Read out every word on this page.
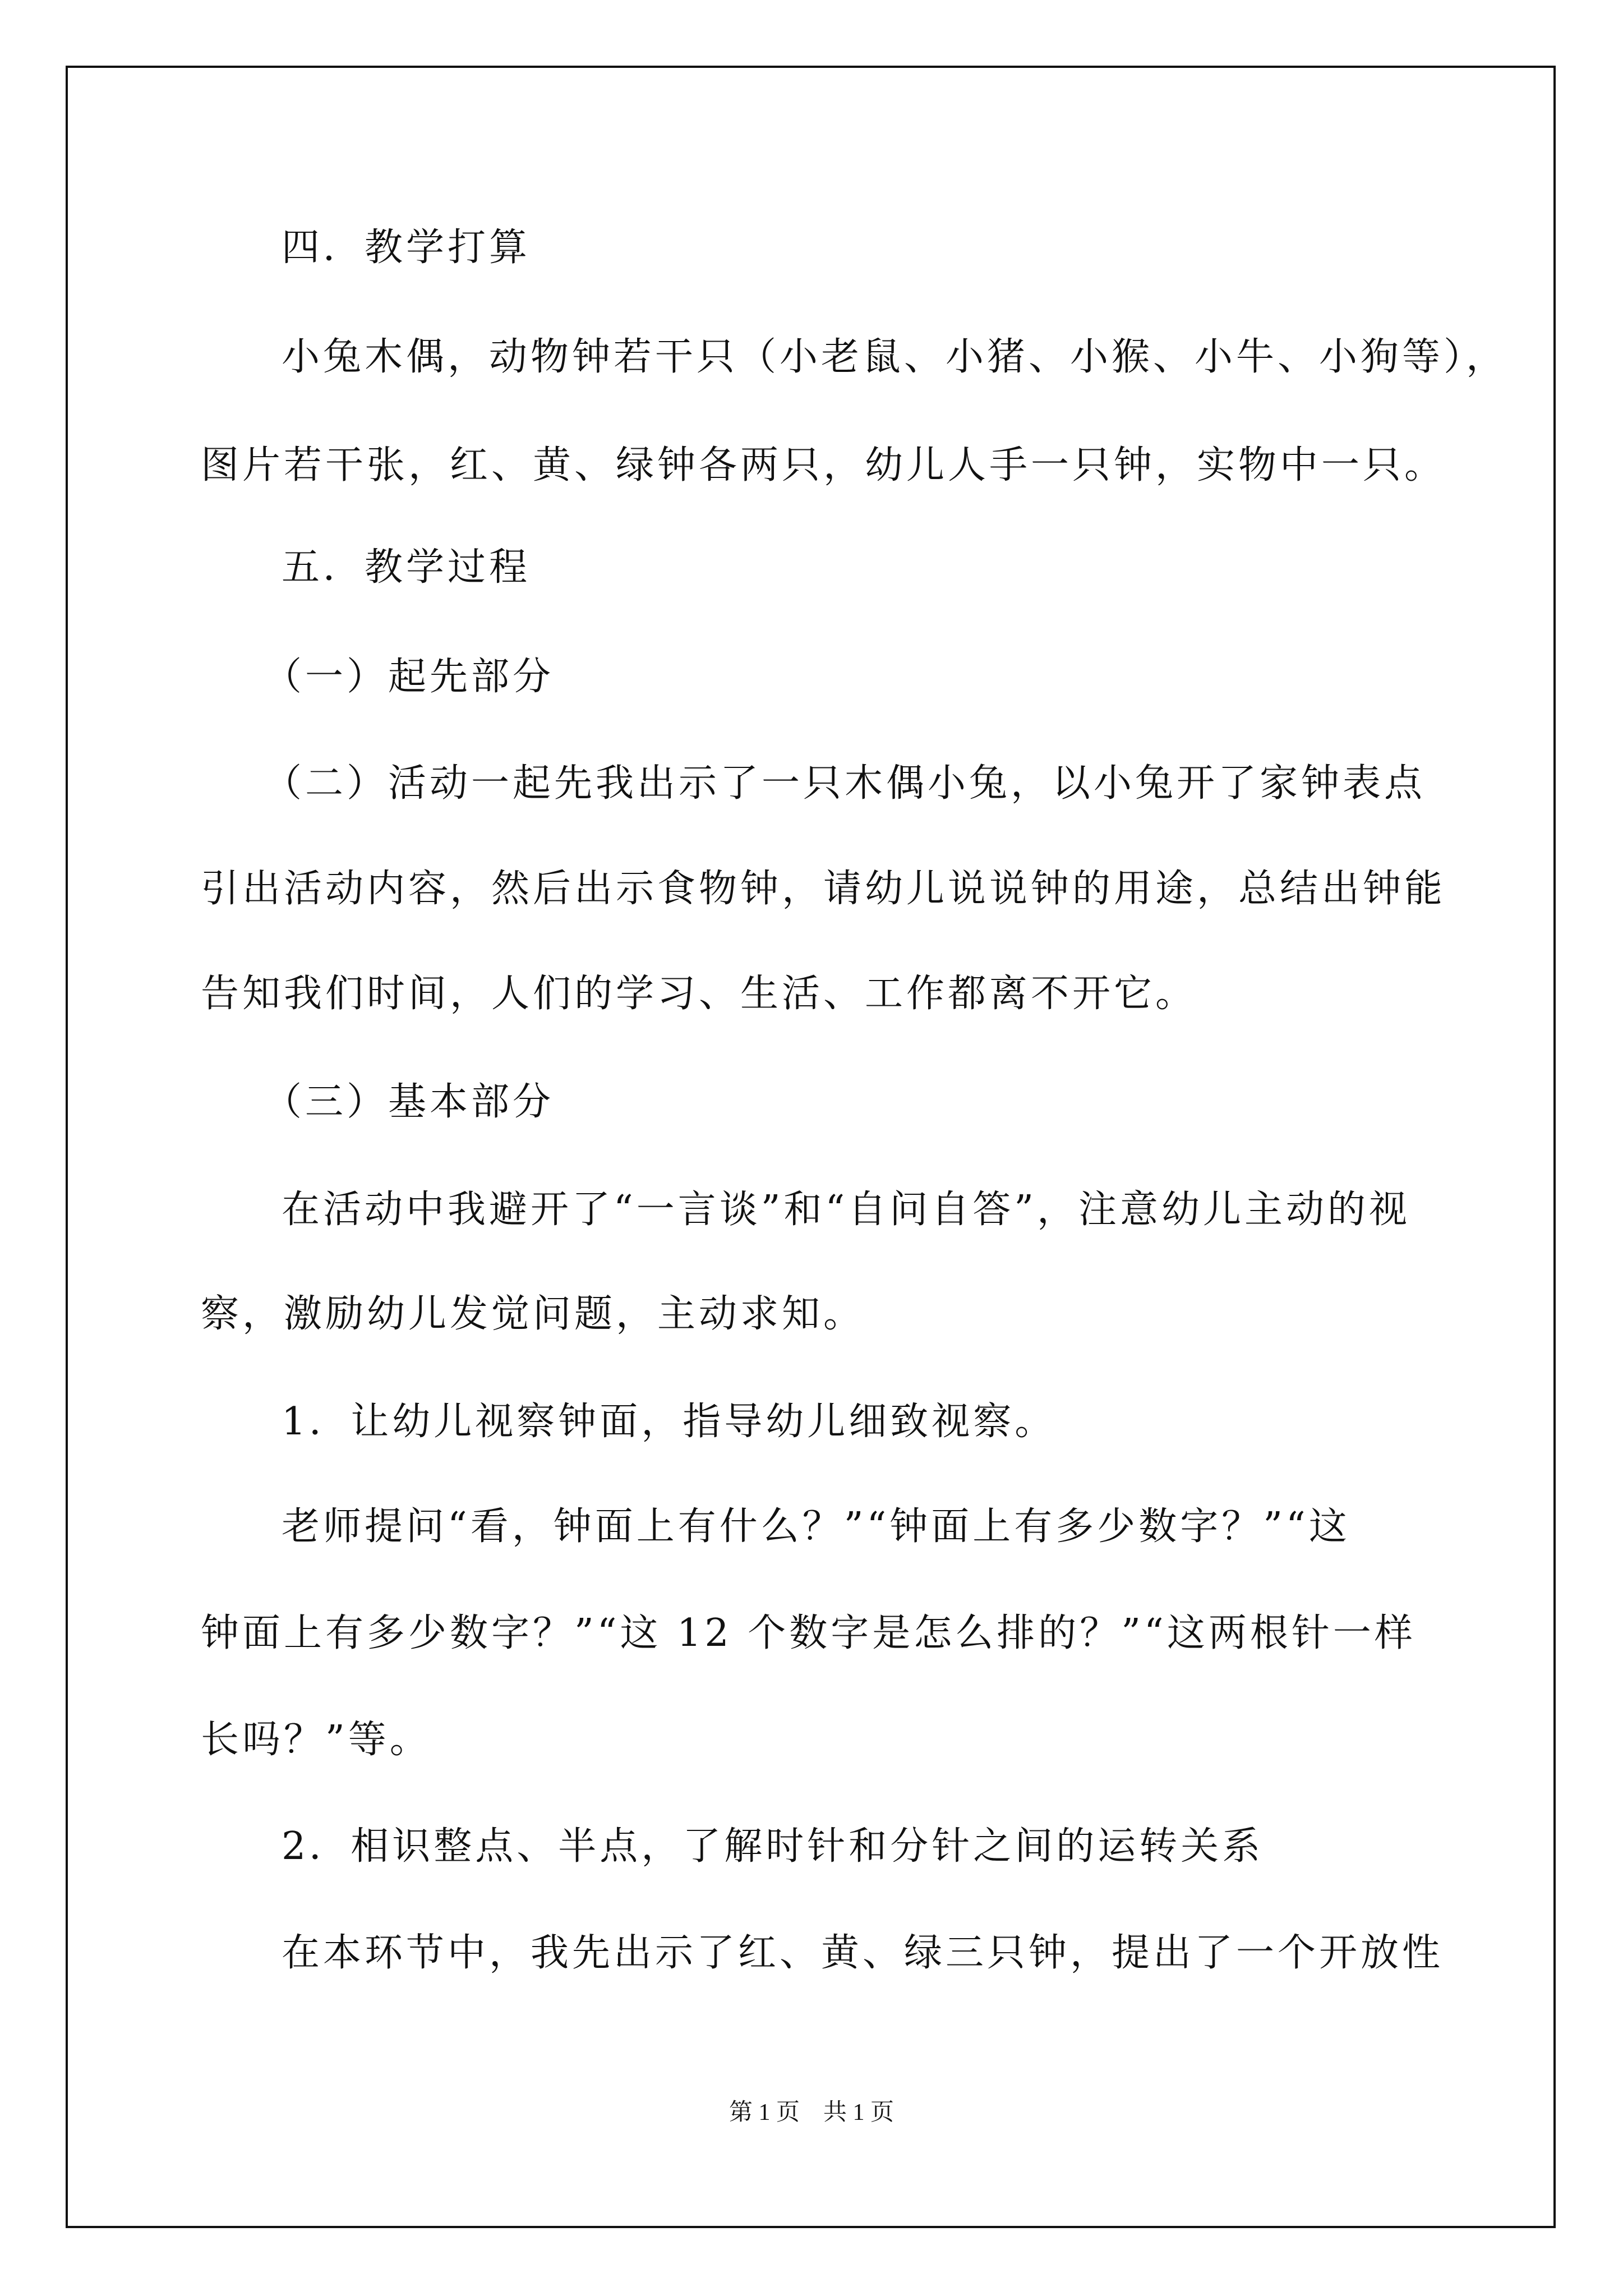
四．教学打算
小兔木偶，动物钟若干只（小老鼠、小猪、小猴、小牛、小狗等），
图片若干张，红、黄、绿钟各两只，幼儿人手一只钟，实物中一只。
五．教学过程
（一）起先部分
（二）活动一起先我出示了一只木偶小兔，以小兔开了家钟表点
引出活动内容，然后出示食物钟，请幼儿说说钟的用途，总结出钟能
告知我们时间，人们的学习、生活、工作都离不开它。
（三）基本部分
在活动中我避开了“一言谈”和“自问自答”，注意幼儿主动的视
察，激励幼儿发觉问题，主动求知。
1．让幼儿视察钟面，指导幼儿细致视察。
老师提问“看，钟面上有什么？”“钟面上有多少数字？”“这
钟面上有多少数字？”“这 12 个数字是怎么排的？”“这两根针一样
长吗？”等。
2．相识整点、半点，了解时针和分针之间的运转关系
在本环节中，我先出示了红、黄、绿三只钟，提出了一个开放性
第 1 页　共 1 页
